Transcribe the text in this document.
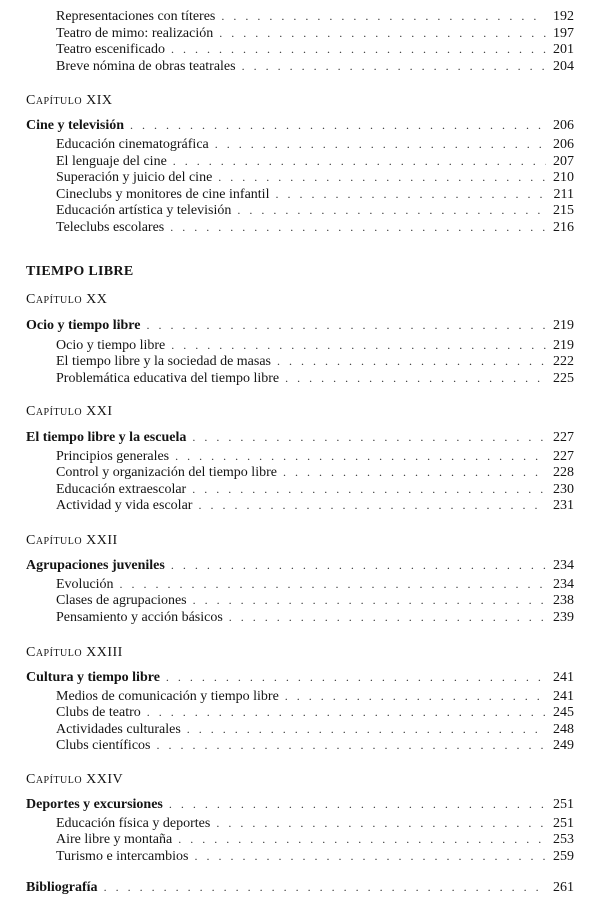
Representaciones con títeres . . .	192
Teatro de mimo: realización . . .	197
Teatro escenificado . . .	201
Breve nómina de obras teatrales . . .	204
Capítulo XIX
Cine y televisión . . .	206
Educación cinematográfica . . .	206
El lenguaje del cine . . .	207
Superación y juicio del cine . . .	210
Cineclubs y monitores de cine infantil . . .	211
Educación artística y televisión . . .	215
Teleclubs escolares . . .	216
TIEMPO LIBRE
Capítulo XX
Ocio y tiempo libre . . .	219
Ocio y tiempo libre . . .	219
El tiempo libre y la sociedad de masas . . .	222
Problemática educativa del tiempo libre . . .	225
Capítulo XXI
El tiempo libre y la escuela . . .	227
Principios generales . . .	227
Control y organización del tiempo libre . . .	228
Educación extraescolar . . .	230
Actividad y vida escolar . . .	231
Capítulo XXII
Agrupaciones juveniles . . .	234
Evolución . . .	234
Clases de agrupaciones . . .	238
Pensamiento y acción básicos . . .	239
Capítulo XXIII
Cultura y tiempo libre . . .	241
Medios de comunicación y tiempo libre . . .	241
Clubs de teatro . . .	245
Actividades culturales . . .	248
Clubs científicos . . .	249
Capítulo XXIV
Deportes y excursiones . . .	251
Educación física y deportes . . .	251
Aire libre y montaña . . .	253
Turismo e intercambios . . .	259
Bibliografía . . .	261
